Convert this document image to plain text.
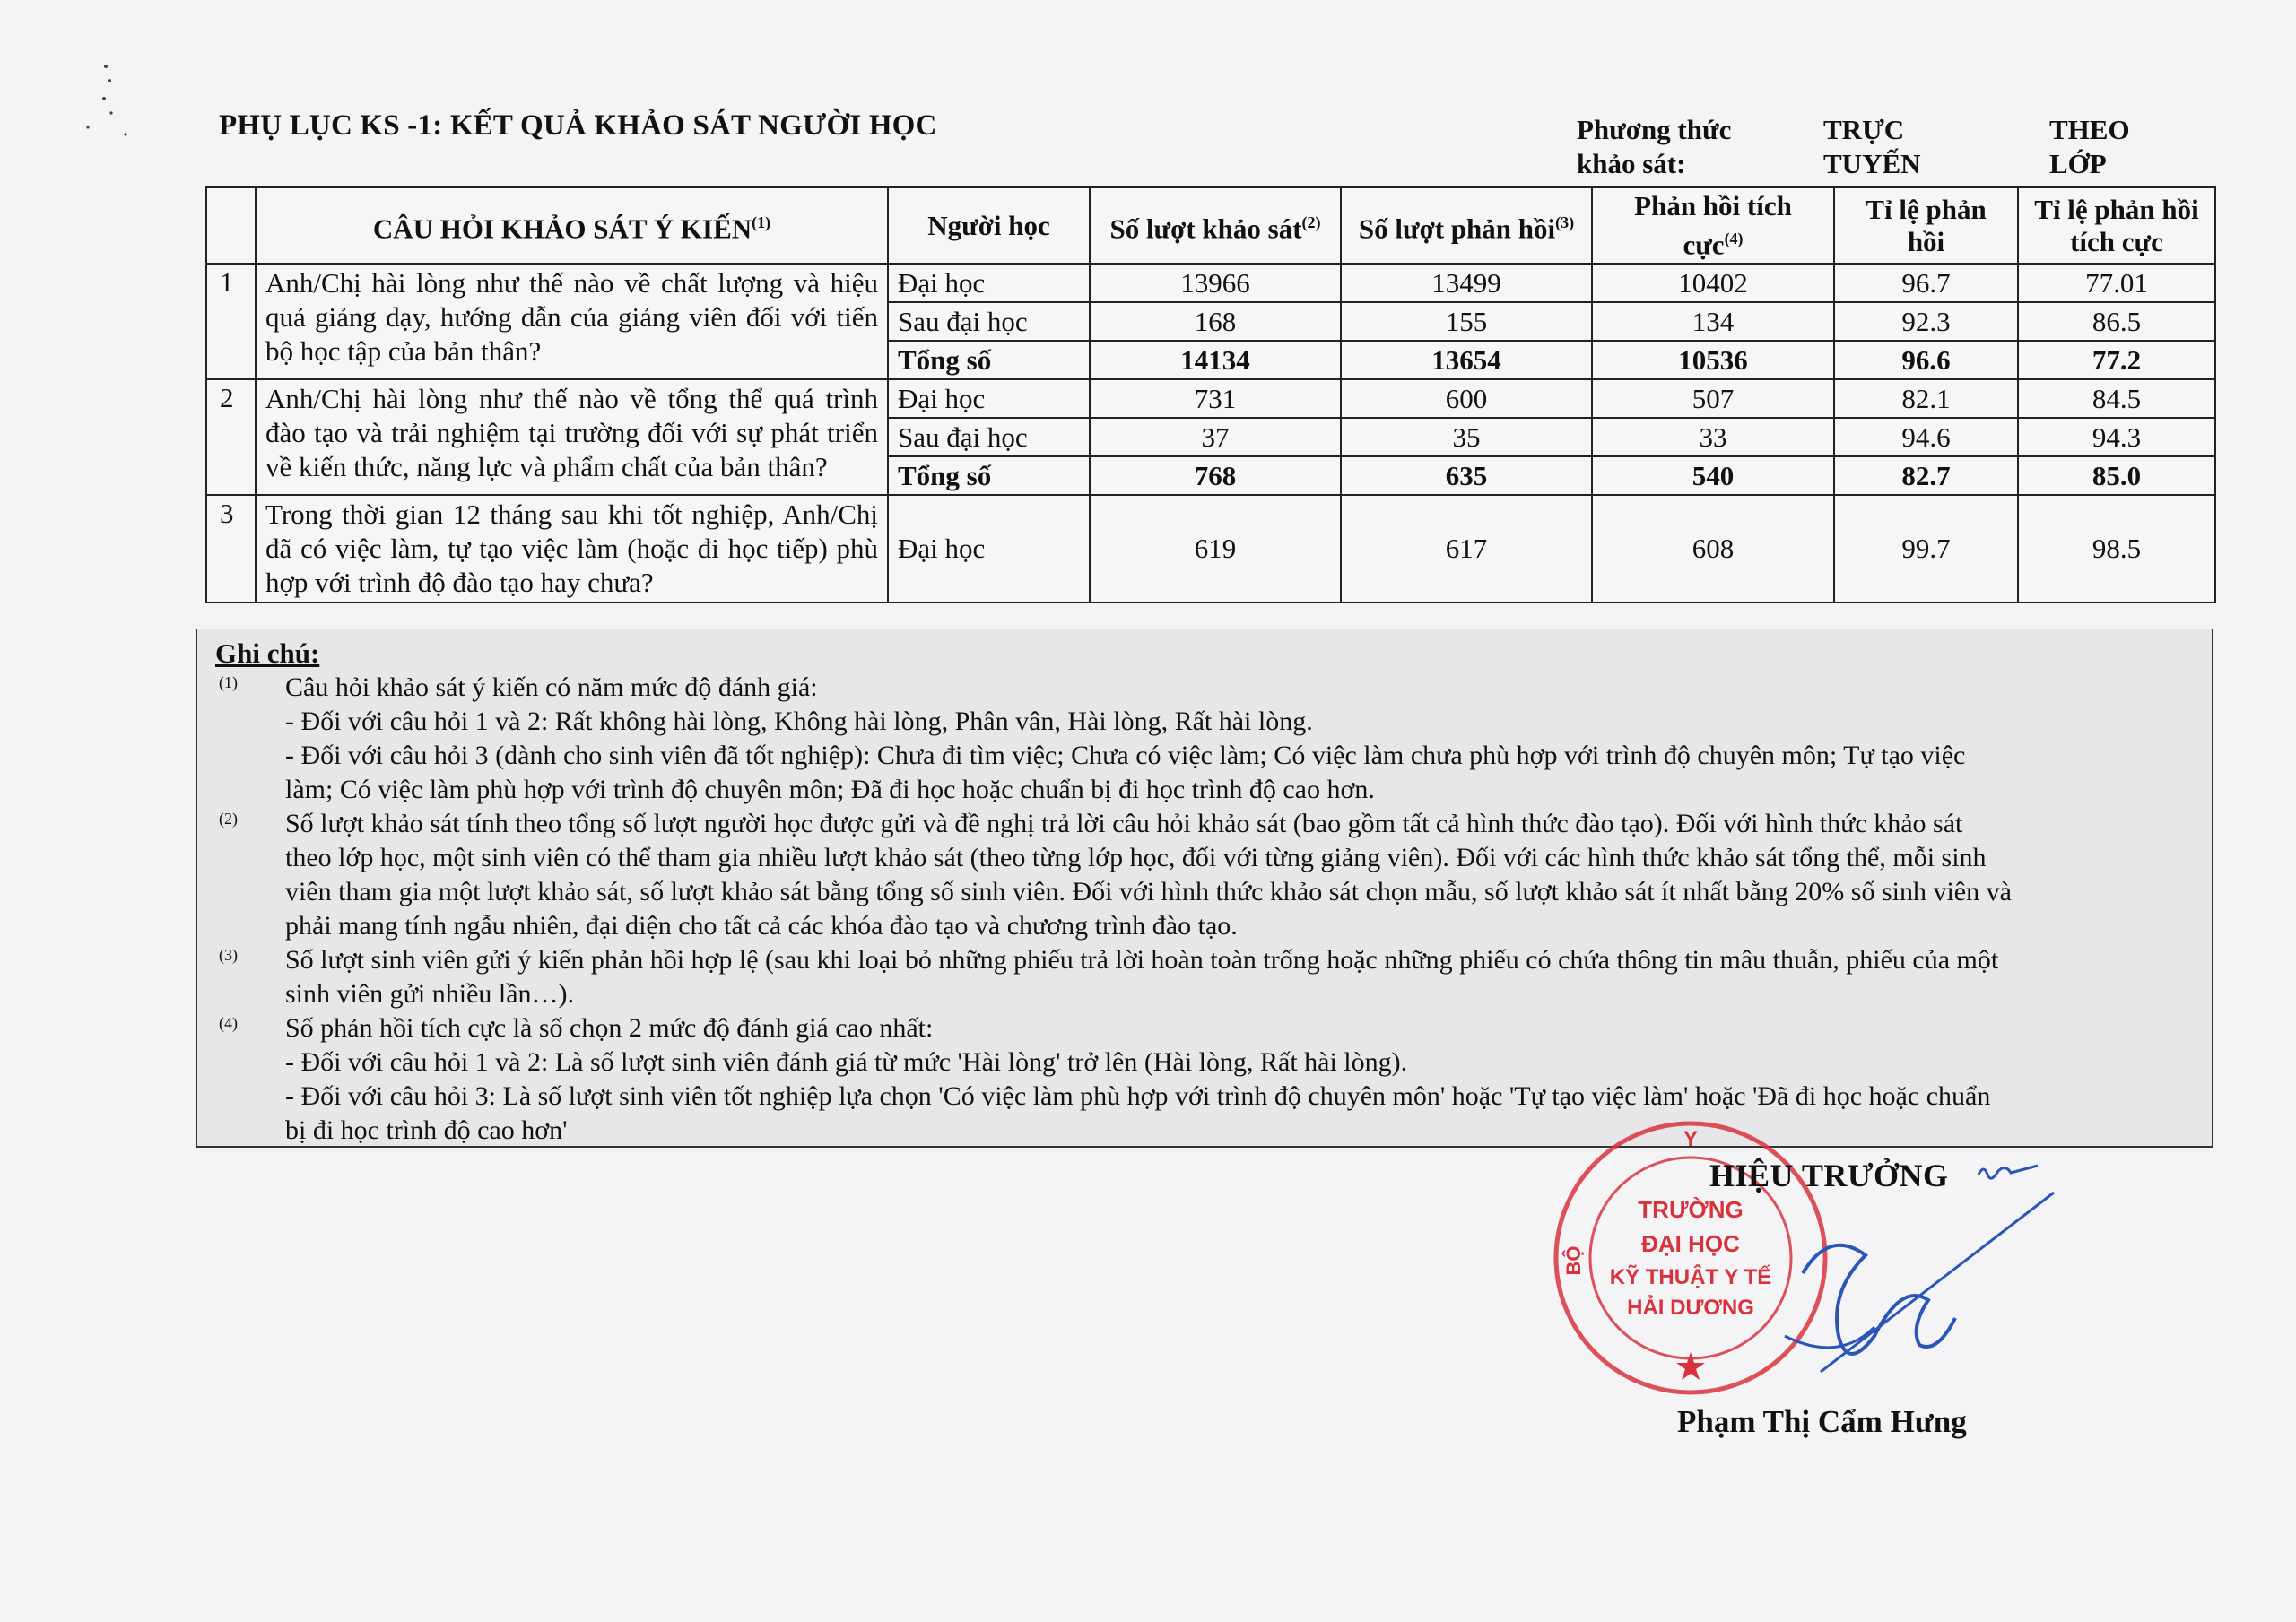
PHỤ LỤC KS -1: KẾT QUẢ KHẢO SÁT NGƯỜI HỌC	Phương thức
khảo sát:
TRỰC
TUYẾN
THEO
LỚP
	CÂU HỎI KHẢO SÁT Ý KIẾN$^{(1)}$	Người học	Số lượt khảo sát$^{(2)}$	Số lượt phản hồi$^{(3)}$	Phản hồi tích cực$^{(4)}$	Tỉ lệ phản hồi	Tỉ lệ phản hồi tích cực
1	Anh/Chị hài lòng như thế nào về chất lượng và hiệu quả giảng dạy, hướng dẫn của giảng viên đối với tiến bộ học tập của bản thân?	Đại học	13966	13499	10402	96.7	77.01
		Sau đại học	168	155	134	92.3	86.5
		Tổng số	14134	13654	10536	96.6	77.2
2	Anh/Chị hài lòng như thế nào về tổng thể quá trình đào tạo và trải nghiệm tại trường đối với sự phát triển về kiến thức, năng lực và phẩm chất của bản thân?	Đại học	731	600	507	82.1	84.5
		Sau đại học	37	35	33	94.6	94.3
		Tổng số	768	635	540	82.7	85.0
3	Trong thời gian 12 tháng sau khi tốt nghiệp, Anh/Chị đã có việc làm, tự tạo việc làm (hoặc đi học tiếp) phù hợp với trình độ đào tạo hay chưa?	Đại học	619	617	608	99.7	98.5
Ghi chú:
(1) Câu hỏi khảo sát ý kiến có năm mức độ đánh giá:
- Đối với câu hỏi 1 và 2: Rất không hài lòng, Không hài lòng, Phân vân, Hài lòng, Rất hài lòng.
- Đối với câu hỏi 3 (dành cho sinh viên đã tốt nghiệp): Chưa đi tìm việc; Chưa có việc làm; Có việc làm chưa phù hợp với trình độ chuyên môn; Tự tạo việc
làm; Có việc làm phù hợp với trình độ chuyên môn; Đã đi học hoặc chuẩn bị đi học trình độ cao hơn.
(2) Số lượt khảo sát tính theo tổng số lượt người học được gửi và đề nghị trả lời câu hỏi khảo sát (bao gồm tất cả hình thức đào tạo). Đối với hình thức khảo sát
theo lớp học, một sinh viên có thể tham gia nhiều lượt khảo sát (theo từng lớp học, đối với từng giảng viên). Đối với các hình thức khảo sát tổng thể, mỗi sinh
viên tham gia một lượt khảo sát, số lượt khảo sát bằng tổng số sinh viên. Đối với hình thức khảo sát chọn mẫu, số lượt khảo sát ít nhất bằng 20% số sinh viên và
phải mang tính ngẫu nhiên, đại diện cho tất cả các khóa đào tạo và chương trình đào tạo.
(3) Số lượt sinh viên gửi ý kiến phản hồi hợp lệ (sau khi loại bỏ những phiếu trả lời hoàn toàn trống hoặc những phiếu có chứa thông tin mâu thuẫn, phiếu của một
sinh viên gửi nhiều lần…).
(4) Số phản hồi tích cực là số chọn 2 mức độ đánh giá cao nhất:
- Đối với câu hỏi 1 và 2: Là số lượt sinh viên đánh giá từ mức 'Hài lòng' trở lên (Hài lòng, Rất hài lòng).
- Đối với câu hỏi 3: Là số lượt sinh viên tốt nghiệp lựa chọn 'Có việc làm phù hợp với trình độ chuyên môn' hoặc 'Tự tạo việc làm' hoặc 'Đã đi học hoặc chuẩn
bị đi học trình độ cao hơn'	Y
BỘ
TRƯỜNG
ĐẠI HỌC
KỸ THUẬT Y TẾ
HẢI DƯƠNG
HIỆU TRƯỞNG
Phạm Thị Cẩm Hưng
